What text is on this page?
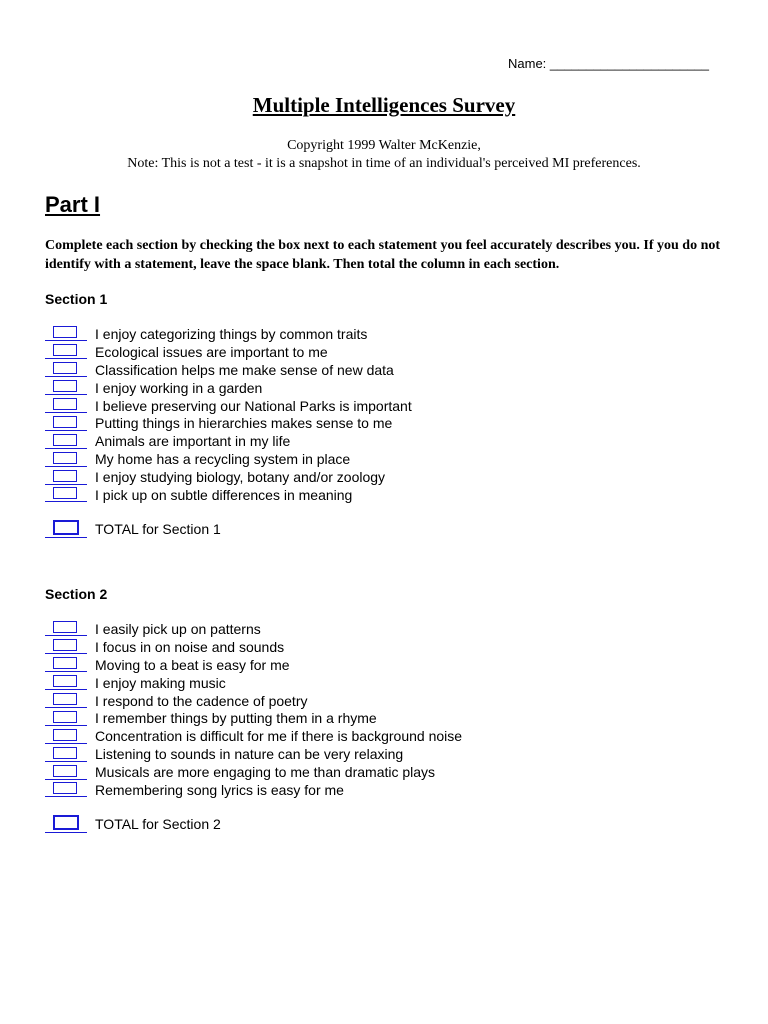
Name: ______________________
Multiple Intelligences Survey
Copyright 1999 Walter McKenzie,
Note: This is not a test - it is a snapshot in time of an individual's perceived MI preferences.
Part I
Complete each section by checking the box next to each statement you feel accurately describes you. If you do not identify with a statement, leave the space blank. Then total the column in each section.
Section 1
I enjoy categorizing things by common traits
Ecological issues are important to me
Classification helps me make sense of new data
I enjoy working in a garden
I believe preserving our National Parks is important
Putting things in hierarchies makes sense to me
Animals are important in my life
My home has a recycling system in place
I enjoy studying biology, botany and/or zoology
I pick up on subtle differences in meaning
TOTAL for Section 1
Section 2
I easily pick up on patterns
I focus in on noise and sounds
Moving to a beat is easy for me
I enjoy making music
I respond to the cadence of poetry
I remember things by putting them in a rhyme
Concentration is difficult for me if there is background noise
Listening to sounds in nature can be very relaxing
Musicals are more engaging to me than dramatic plays
Remembering song lyrics is easy for me
TOTAL for Section 2
